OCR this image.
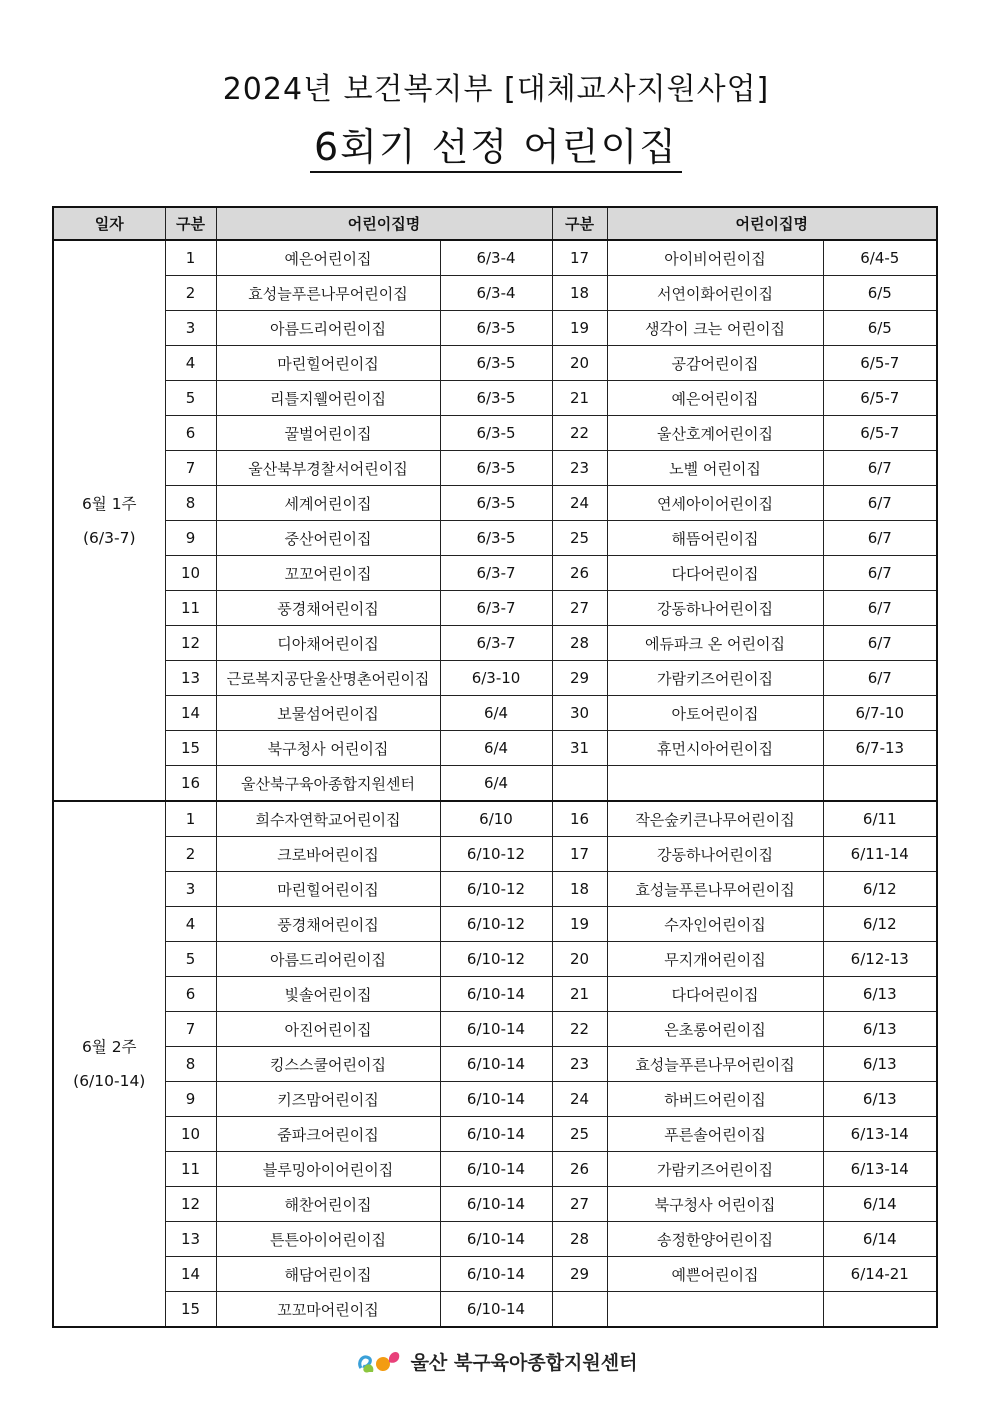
2024년 보건복지부 [대체교사지원사업]
6회기 선정 어린이집
일자	구분	어린이집명		구분	어린이집명	

6월 1주
(6/3-7)	1	예은어린이집	6/3-4	17	아이비어린이집	6/4-5
	2	효성늘푸른나무어린이집	6/3-4	18	서연이화어린이집	6/5
	3	아름드리어린이집	6/3-5	19	생각이 크는 어린이집	6/5
	4	마린힐어린이집	6/3-5	20	공감어린이집	6/5-7
	5	리틀지웰어린이집	6/3-5	21	예은어린이집	6/5-7
	6	꿀벌어린이집	6/3-5	22	울산호계어린이집	6/5-7
	7	울산북부경찰서어린이집	6/3-5	23	노벨 어린이집	6/7
	8	세계어린이집	6/3-5	24	연세아이어린이집	6/7
	9	중산어린이집	6/3-5	25	해뜸어린이집	6/7
	10	꼬꼬어린이집	6/3-7	26	다다어린이집	6/7
	11	풍경채어린이집	6/3-7	27	강동하나어린이집	6/7
	12	디아채어린이집	6/3-7	28	에듀파크 온 어린이집	6/7
	13	근로복지공단울산명촌어린이집	6/3-10	29	가람키즈어린이집	6/7
	14	보물섬어린이집	6/4	30	아토어린이집	6/7-10
	15	북구청사 어린이집	6/4	31	휴먼시아어린이집	6/7-13
	16	울산북구육아종합지원센터	6/4			

6월 2주
(6/10-14)	1	희수자연학교어린이집	6/10	16	작은숲키큰나무어린이집	6/11
	2	크로바어린이집	6/10-12	17	강동하나어린이집	6/11-14
	3	마린힐어린이집	6/10-12	18	효성늘푸른나무어린이집	6/12
	4	풍경채어린이집	6/10-12	19	수자인어린이집	6/12
	5	아름드리어린이집	6/10-12	20	무지개어린이집	6/12-13
	6	빛솔어린이집	6/10-14	21	다다어린이집	6/13
	7	아진어린이집	6/10-14	22	은초롱어린이집	6/13
	8	킹스스쿨어린이집	6/10-14	23	효성늘푸른나무어린이집	6/13
	9	키즈맘어린이집	6/10-14	24	하버드어린이집	6/13
	10	줌파크어린이집	6/10-14	25	푸른솔어린이집	6/13-14
	11	블루밍아이어린이집	6/10-14	26	가람키즈어린이집	6/13-14
	12	해찬어린이집	6/10-14	27	북구청사 어린이집	6/14
	13	튼튼아이어린이집	6/10-14	28	송정한양어린이집	6/14
	14	해담어린이집	6/10-14	29	예쁜어린이집	6/14-21
	15	꼬꼬마어린이집	6/10-14			
울산 북구육아종합지원센터
